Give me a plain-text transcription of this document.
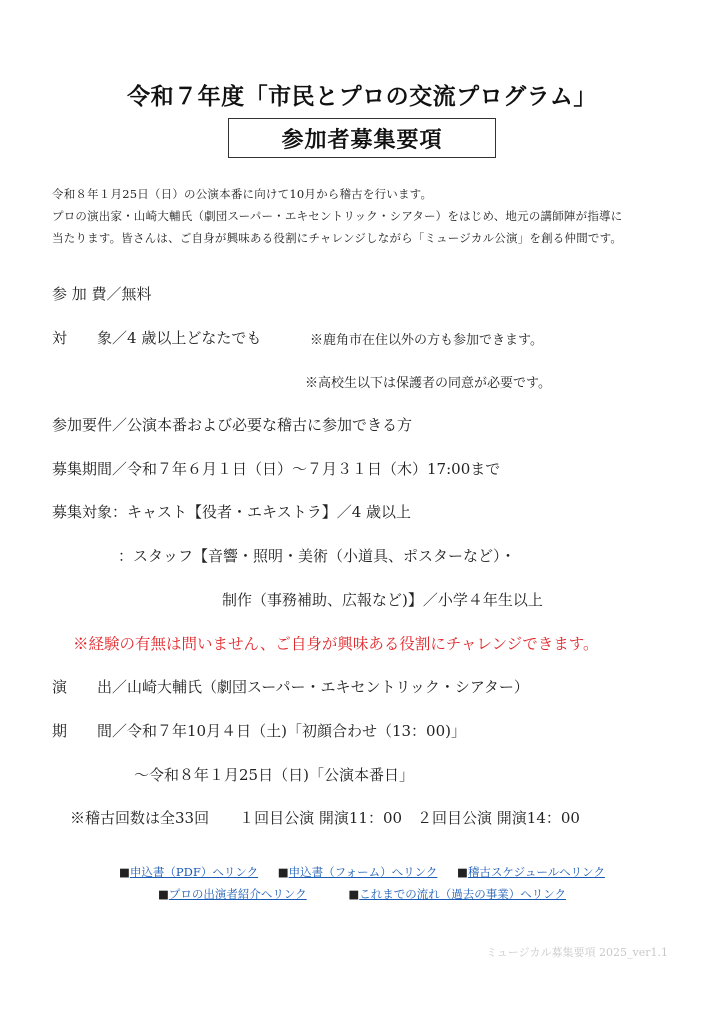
令和７年度「市民とプロの交流プログラム」
参加者募集要項
令和８年１月25日（日）の公演本番に向けて10月から稽古を行います。
プロの演出家・山崎大輔氏（劇団スーパー・エキセントリック・シアター）をはじめ、地元の講師陣が指導に
当たります。皆さんは、ご自身が興味ある役割にチャレンジしながら「ミュージカル公演」を創る仲間です。
参 加 費／無料
対　　象／4 歳以上どなたでも	※鹿角市在住以外の方も参加できます。
※高校生以下は保護者の同意が必要です。
参加要件／公演本番および必要な稽古に参加できる方
募集期間／令和７年６月１日（日）～７月３１日（木）17:00まで
募集対象：キャスト【役者・エキストラ】／4 歳以上
：スタッフ【音響・照明・美術（小道具、ポスターなど）・
制作（事務補助、広報など)】／小学４年生以上
※経験の有無は問いません、ご自身が興味ある役割にチャレンジできます。
演　　出／山崎大輔氏（劇団スーパー・エキセントリック・シアター）
期　　間／令和７年10月４日（土)「初顔合わせ（13：00)」
～令和８年１月25日（日)「公演本番日」
※稽古回数は全33回　　１回目公演 開演11：00　２回目公演 開演14：00
■申込書（PDF）へリンク ■申込書（フォーム）へリンク ■稽古スケジュールへリンク
■プロの出演者紹介へリンク	■これまでの流れ（過去の事業）へリンク
ミュージカル募集要項 2025_ver1.1
